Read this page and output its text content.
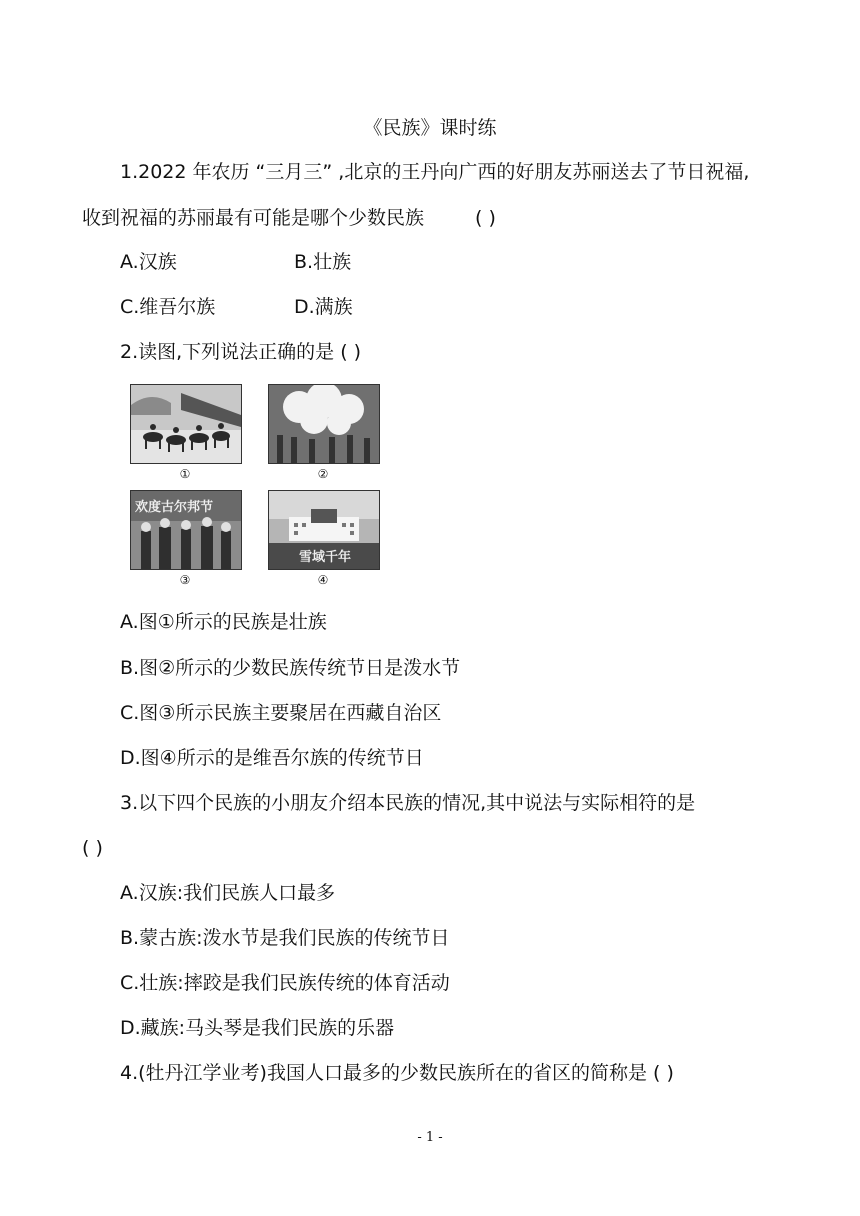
《民族》课时练
1.2022 年农历 “三月三” ,北京的王丹向广西的好朋友苏丽送去了节日祝福,
收到祝福的苏丽最有可能是哪个少数民族	( )
A.汉族	B.壮族
C.维吾尔族	D.满族
2.读图,下列说法正确的是 ( )
①	②
欢度古尔邦节
③
雪域千年
④
A.图①所示的民族是壮族
B.图②所示的少数民族传统节日是泼水节
C.图③所示民族主要聚居在西藏自治区
D.图④所示的是维吾尔族的传统节日
3.以下四个民族的小朋友介绍本民族的情况,其中说法与实际相符的是
( )
A.汉族:我们民族人口最多
B.蒙古族:泼水节是我们民族的传统节日
C.壮族:摔跤是我们民族传统的体育活动
D.藏族:马头琴是我们民族的乐器
4.(牡丹江学业考)我国人口最多的少数民族所在的省区的简称是 ( )
- 1 -
